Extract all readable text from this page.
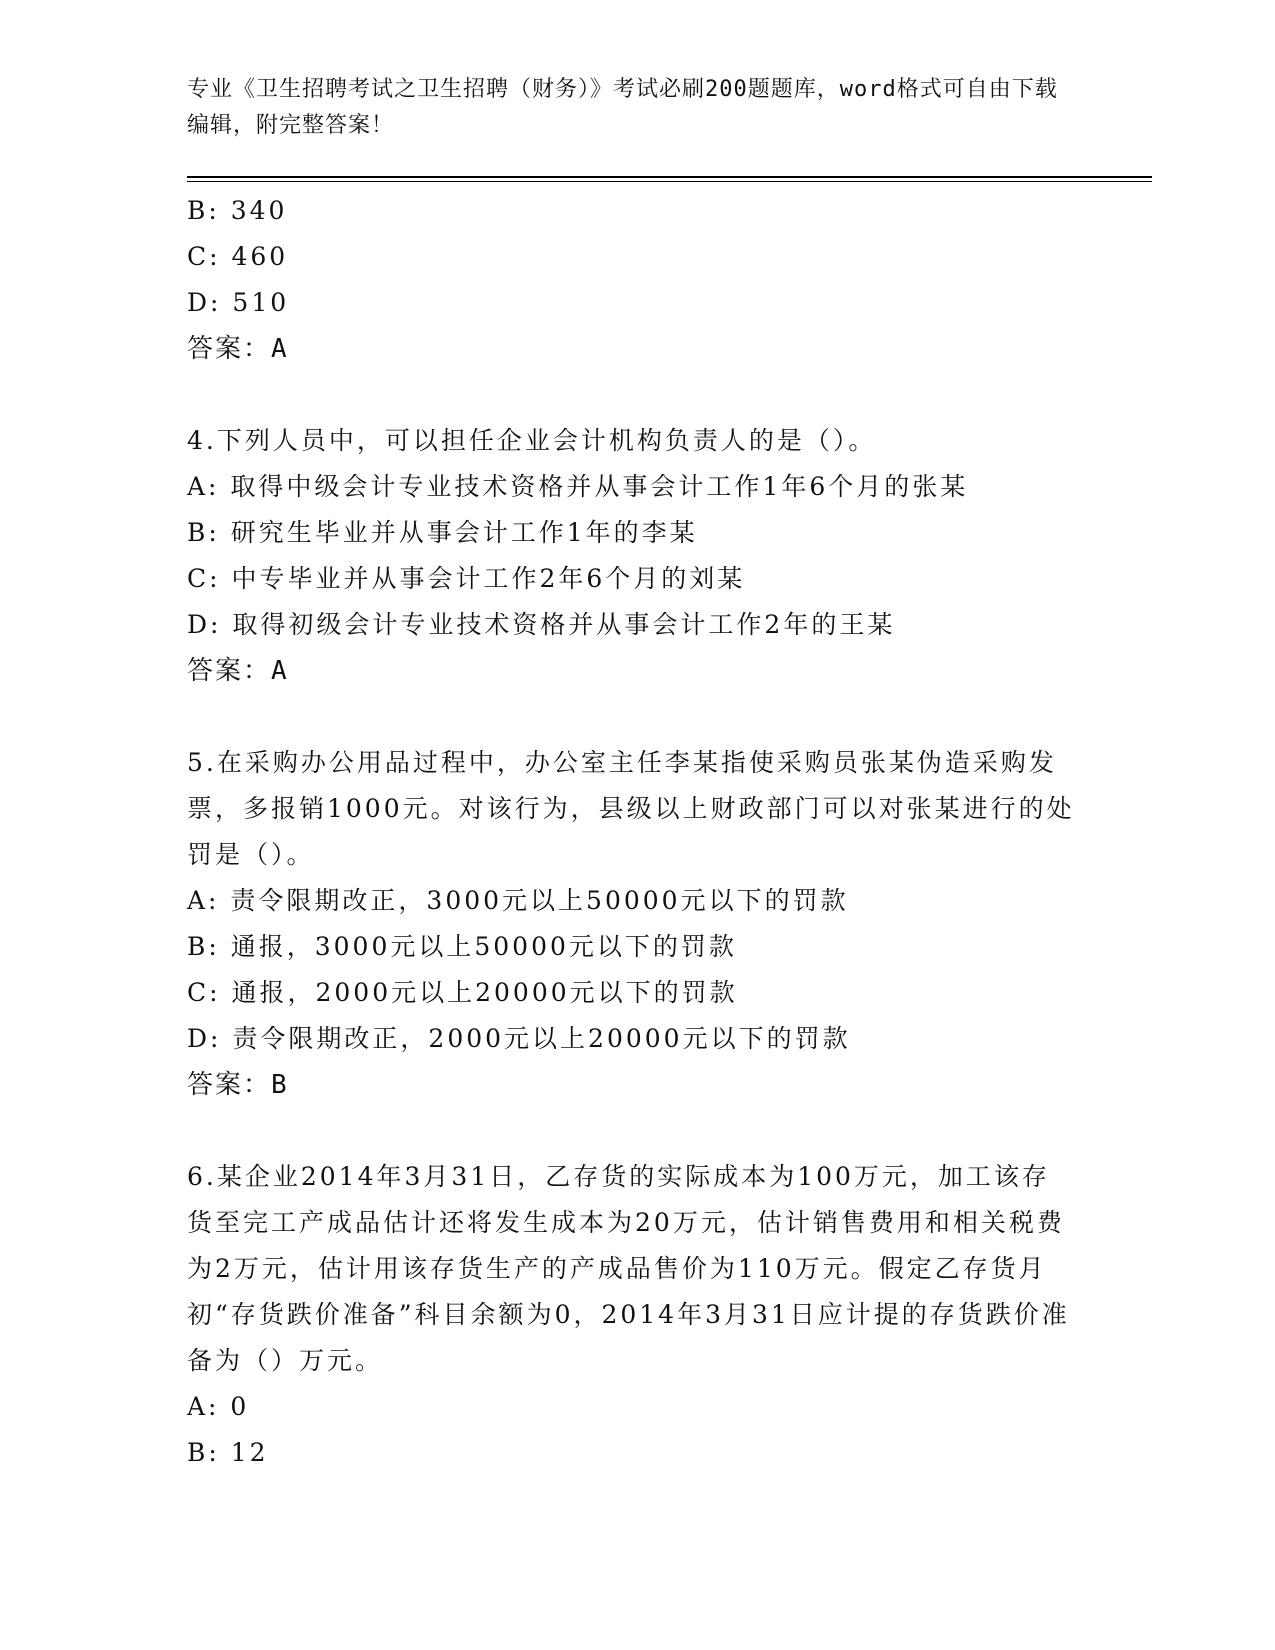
专业《卫生招聘考试之卫生招聘（财务）》考试必刷200题题库，word格式可自由下载编辑，附完整答案！
B: 340
C: 460
D: 510
答案：A
4.下列人员中，可以担任企业会计机构负责人的是（）。
A: 取得中级会计专业技术资格并从事会计工作1年6个月的张某
B: 研究生毕业并从事会计工作1年的李某
C: 中专毕业并从事会计工作2年6个月的刘某
D: 取得初级会计专业技术资格并从事会计工作2年的王某
答案：A
5.在采购办公用品过程中，办公室主任李某指使采购员张某伪造采购发票，多报销1000元。对该行为，县级以上财政部门可以对张某进行的处罚是（）。
A: 责令限期改正，3000元以上50000元以下的罚款
B: 通报，3000元以上50000元以下的罚款
C: 通报，2000元以上20000元以下的罚款
D: 责令限期改正，2000元以上20000元以下的罚款
答案：B
6.某企业2014年3月31日，乙存货的实际成本为100万元，加工该存货至完工产成品估计还将发生成本为20万元，估计销售费用和相关税费为2万元，估计用该存货生产的产成品售价为110万元。假定乙存货月初“存货跌价准备”科目余额为0，2014年3月31日应计提的存货跌价准备为（）万元。
A: 0
B: 12
